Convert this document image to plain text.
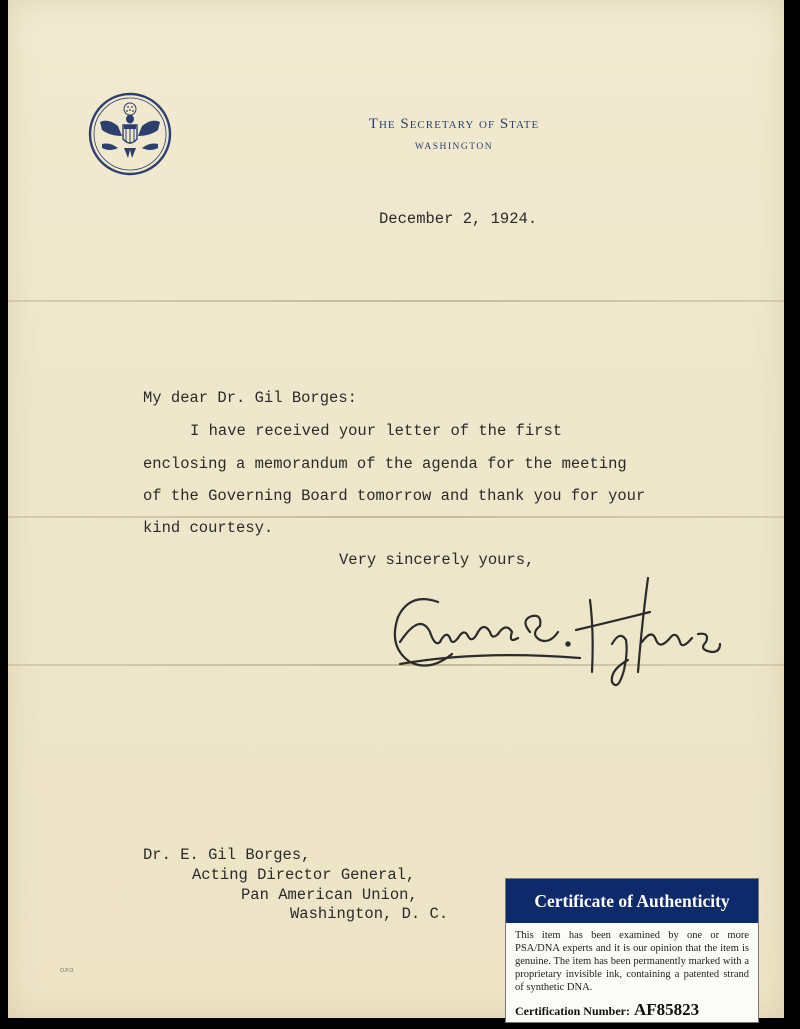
The Secretary of State
WASHINGTON
December 2, 1924.
My dear Dr. Gil Borges:
I have received your letter of the first
enclosing a memorandum of the agenda for the meeting
of the Governing Board tomorrow and thank you for your
kind courtesy.
Very sincerely yours,
Dr. E. Gil Borges,
Acting Director General,
Pan American Union,
Washington, D. C.
O.P.O.
Certificate of Authenticity
This item has been examined by one or more PSA/DNA experts and it is our opinion that the item is genuine. The item has been permanently marked with a proprietary invisible ink, containing a patented strand of synthetic DNA.
Certification Number: AF85823
